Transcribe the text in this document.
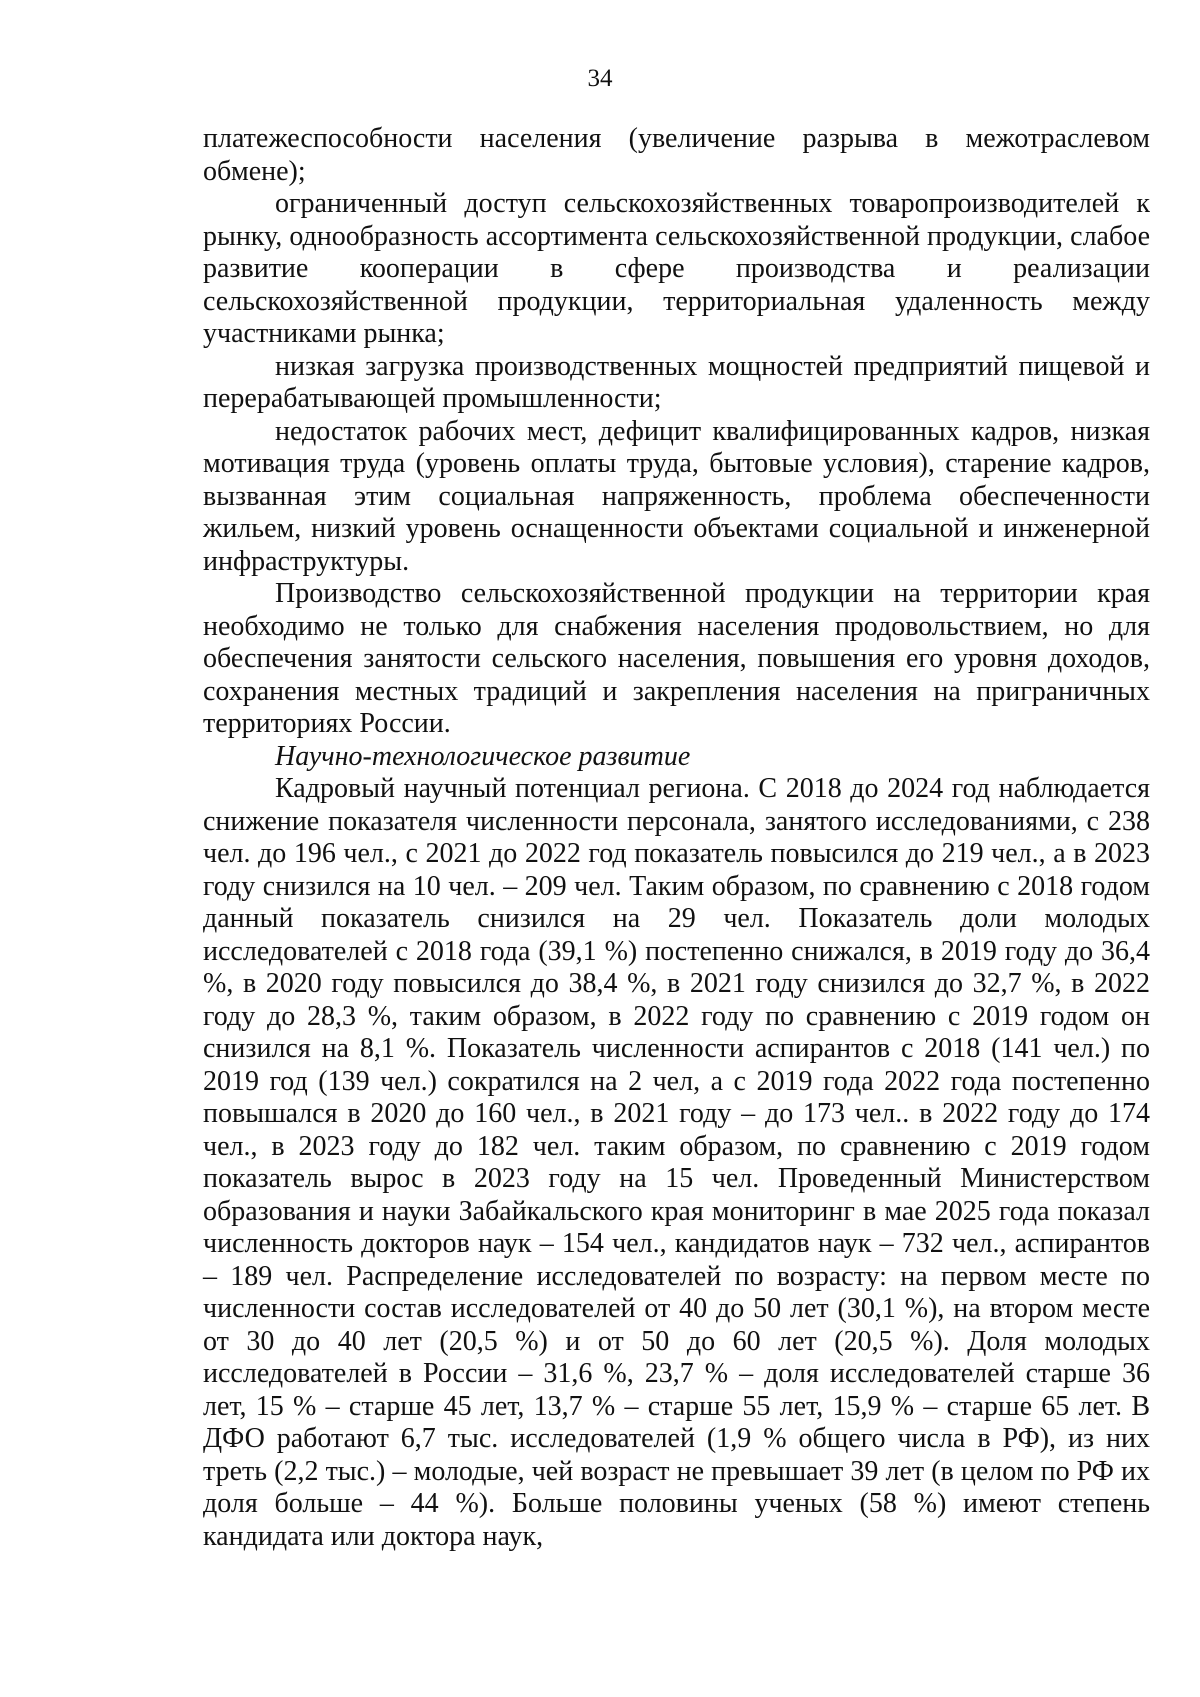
34

платежеспособности населения (увеличение разрыва в межотраслевом обмене);

ограниченный доступ сельскохозяйственных товаропроизводителей к рынку, однообразность ассортимента сельскохозяйственной продукции, слабое развитие кооперации в сфере производства и реализации сельскохозяйственной продукции, территориальная удаленность между участниками рынка;

низкая загрузка производственных мощностей предприятий пищевой и перерабатывающей промышленности;

недостаток рабочих мест, дефицит квалифицированных кадров, низкая мотивация труда (уровень оплаты труда, бытовые условия), старение кадров, вызванная этим социальная напряженность, проблема обеспеченности жильем, низкий уровень оснащенности объектами социальной и инженерной инфраструктуры.

Производство сельскохозяйственной продукции на территории края необходимо не только для снабжения населения продовольствием, но для обеспечения занятости сельского населения, повышения его уровня доходов, сохранения местных традиций и закрепления населения на приграничных территориях России.

Научно-технологическое развитие

Кадровый научный потенциал региона. С 2018 до 2024 год наблюдается снижение показателя численности персонала, занятого исследованиями, с 238 чел. до 196 чел., с 2021 до 2022 год показатель повысился до 219 чел., а в 2023 году снизился на 10 чел. – 209 чел. Таким образом, по сравнению с 2018 годом данный показатель снизился на 29 чел. Показатель доли молодых исследователей с 2018 года (39,1 %) постепенно снижался, в 2019 году до 36,4 %, в 2020 году повысился до 38,4 %, в 2021 году снизился до 32,7 %, в 2022 году до 28,3 %, таким образом, в 2022 году по сравнению с 2019 годом он снизился на 8,1 %. Показатель численности аспирантов с 2018 (141 чел.) по 2019 год (139 чел.) сократился на 2 чел, а с 2019 года 2022 года постепенно повышался в 2020 до 160 чел., в 2021 году – до 173 чел.. в 2022 году до 174 чел., в 2023 году до 182 чел. таким образом, по сравнению с 2019 годом показатель вырос в 2023 году на 15 чел. Проведенный Министерством образования и науки Забайкальского края мониторинг в мае 2025 года показал численность докторов наук – 154 чел., кандидатов наук – 732 чел., аспирантов – 189 чел. Распределение исследователей по возрасту: на первом месте по численности состав исследователей от 40 до 50 лет (30,1 %), на втором месте от 30 до 40 лет (20,5 %) и от 50 до 60 лет (20,5 %). Доля молодых исследователей в России – 31,6 %, 23,7 % – доля исследователей старше 36 лет, 15 % – старше 45 лет, 13,7 % – старше 55 лет, 15,9 % – старше 65 лет. В ДФО работают 6,7 тыс. исследователей (1,9 % общего числа в РФ), из них треть (2,2 тыс.) – молодые, чей возраст не превышает 39 лет (в целом по РФ их доля больше – 44 %). Больше половины ученых (58 %) имеют степень кандидата или доктора наук,
